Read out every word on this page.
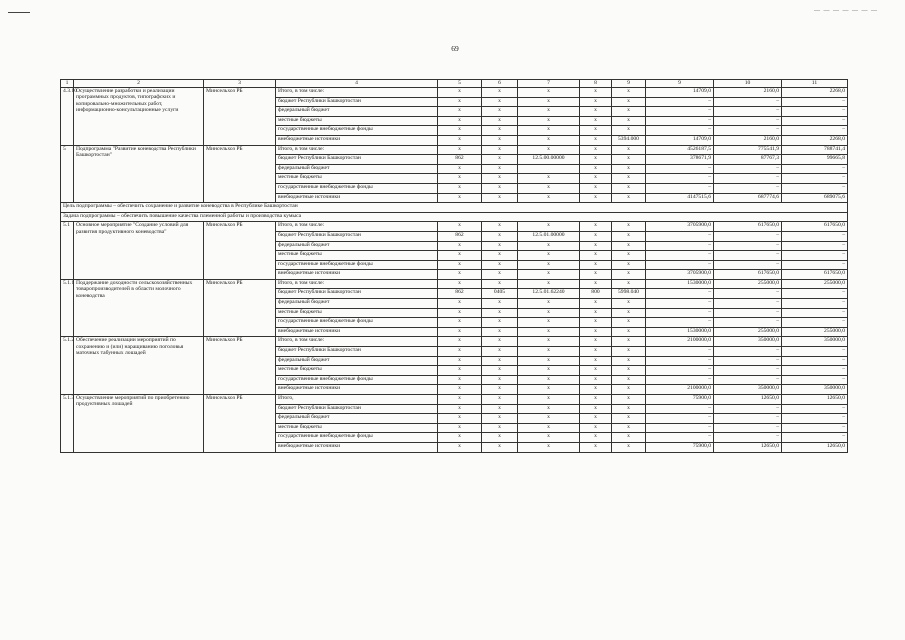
— — — — — — —
69
1	2	3	4	5	6	7	8	9	9	10	11
4.3.10	Осуществление разработки и реализации программных продуктов, типографских и копировально-множительных работ, информационно-консультационные услуги	Минсельхоз РБ	Итого, в том числе:	x	x	x	x	x	14709,0	2160,0	2268,0
			бюджет Республики Башкортостан	x	x	x	x	x	–	–	–
			федеральный бюджет	x	x	x	x	x	–	–	–
			местные бюджеты	x	x	x	x	x	–	–	–
			государственные внебюджетные фонды	x	x	x	x	x	–	–	–
			внебюджетные источники	x	x	x	x	5394.000	14709,0	2160,0	2268,0
5	Подпрограмма "Развитие коневодства Республики Башкортостан"	Минсельхоз РБ	Итого, в том числе:	x	x	x	x	x	4526187,5	775541,9	788741,4
			бюджет Республики Башкортостан	862	x	12.5.00.00000	x	x	378671,9	87767,3	99665,8
			федеральный бюджет	x	x		x	x	–	–	–
			местные бюджеты	x	x	x	x	x	–	–	–
			государственные внебюджетные фонды	x	x	x	x	x	–	–	–
			внебюджетные источники	x	x	x	x	x	4147515,6	687774,6	689075,6
Цель подпрограммы – обеспечить сохранение и развитие коневодства в Республике Башкортостан											
Задача подпрограммы – обеспечить повышение качества племенной работы и производства кумыса											
5.1	Основное мероприятие "Создание условий для развития продуктивного коневодства"	Минсельхоз РБ	Итого, в том числе:	x	x	x	x	x	3705900,0	617650,0	617650,0
			бюджет Республики Башкортостан	862	x	12.5.01.00000	x	x	–	–	–
			федеральный бюджет	x	x	x	x	x	–	–	–
			местные бюджеты	x	x	x	x	x	–	–	–
			государственные внебюджетные фонды	x	x	x	x	x	–	–	–
			внебюджетные источники	x	x	x	x	x	3705900,0	617650,0	617650,0
5.1.1	Поддержание доходности сельскохозяйственных товаропроизводителей в области молочного коневодства	Минсельхоз РБ	Итого, в том числе:	x	x	x	x	x	1530000,0	255000,0	255000,0
			бюджет Республики Башкортостан	862	0405	12.5.01.62240	800	5998.040	–	–	–
			федеральный бюджет	x	x	x	x	x	–	–	–
			местные бюджеты	x	x	x	x	x	–	–	–
			государственные внебюджетные фонды	x	x	x	x	x	–	–	–
			внебюджетные источники	x	x	x	x	x	1530000,0	255000,0	255000,0
5.1.2	Обеспечение реализации мероприятий по сохранению и (или) наращиванию поголовья маточных табунных лошадей	Минсельхоз РБ	Итого, в том числе:	x	x	x	x	x	2100000,0	350000,0	350000,0
			бюджет Республики Башкортостан	x	x	x	x	x	–	–	–
			федеральный бюджет	x	x	x	x	x	–	–	–
			местные бюджеты	x	x	x	x	x	–	–	–
			государственные внебюджетные фонды	x	x	x	x	x	–	–	–
			внебюджетные источники	x	x	x	x	x	2100000,0	350000,0	350000,0
5.1.3	Осуществление мероприятий по приобретению продуктивных лошадей	Минсельхоз РБ	Итого,	x	x	x	x	x	75900,0	12650,0	12650,0
			бюджет Республики Башкортостан	x	x	x	x	x	–	–	–
			федеральный бюджет	x	x	x	x	x	–	–	–
			местные бюджеты	x	x	x	x	x	–	–	–
			государственные внебюджетные фонды	x	x	x	x	x	–	–	–
			внебюджетные источники	x	x	x	x	x	75900,0	12650,0	12650,0
